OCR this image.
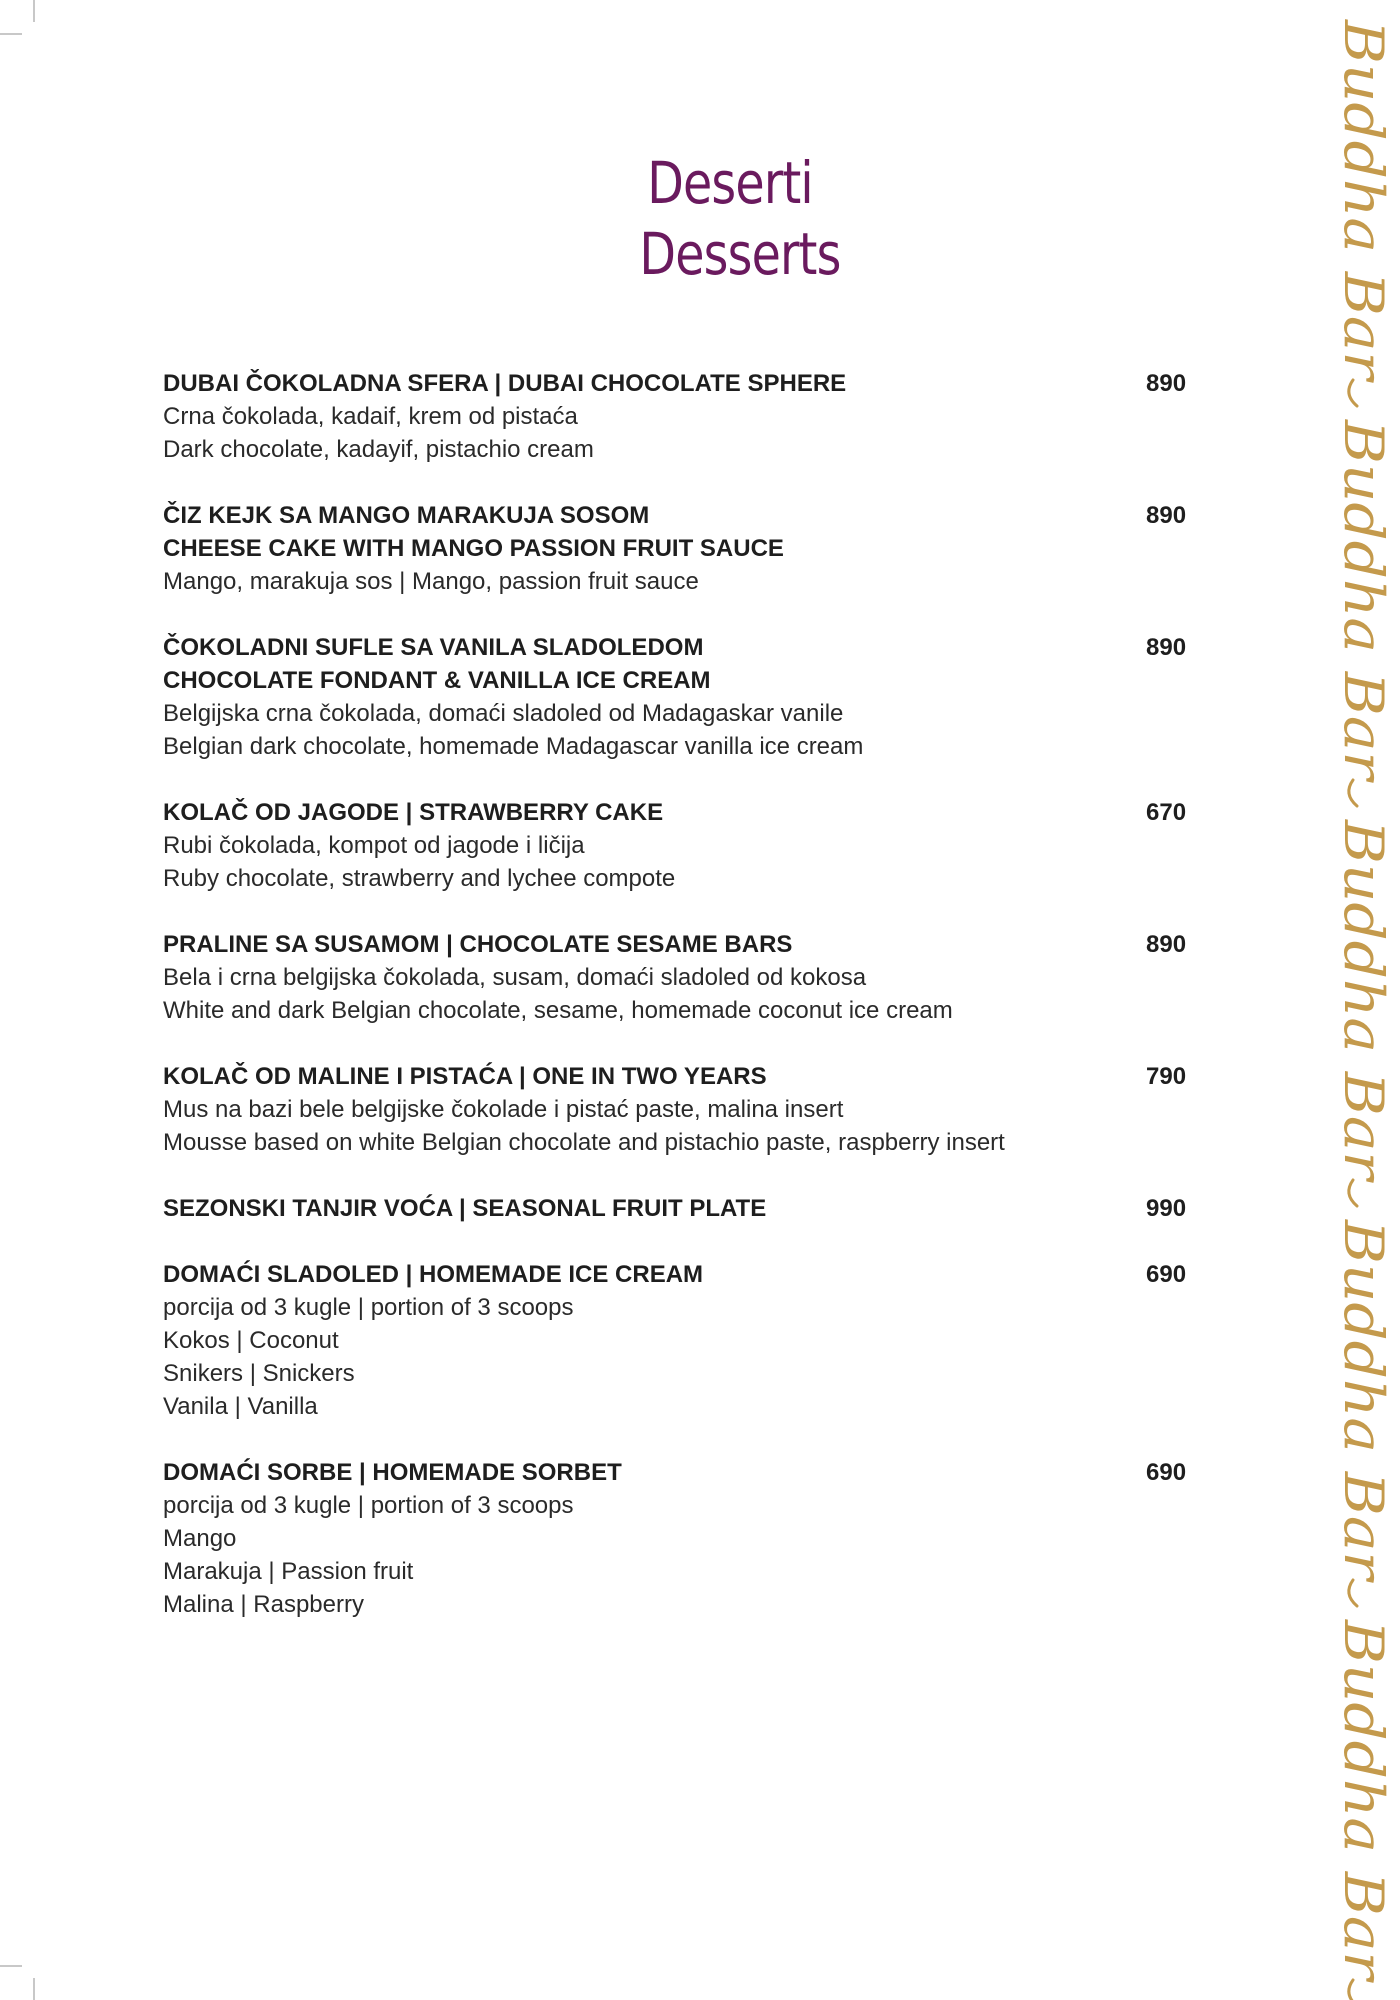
Deserti
Desserts
DUBAI ČOKOLADNA SFERA | DUBAI CHOCOLATE SPHERE
Crna čokolada, kadaif, krem od pistaća
Dark chocolate, kadayif, pistachio cream
890
ČIZ KEJK SA MANGO MARAKUJA SOSOM
CHEESE CAKE WITH MANGO PASSION FRUIT SAUCE
Mango, marakuja sos | Mango, passion fruit sauce
890
ČOKOLADNI SUFLE SA VANILA SLADOLEDOM
CHOCOLATE FONDANT & VANILLA ICE CREAM
Belgijska crna čokolada, domaći sladoled od Madagaskar vanile
Belgian dark chocolate, homemade Madagascar vanilla ice cream
890
KOLAČ OD JAGODE | STRAWBERRY CAKE
Rubi čokolada, kompot od jagode i ličija
Ruby chocolate, strawberry and lychee compote
670
PRALINE SA SUSAMOM | CHOCOLATE SESAME BARS
Bela i crna belgijska čokolada, susam, domaći sladoled od kokosa
White and dark Belgian chocolate, sesame, homemade coconut ice cream
890
KOLAČ OD MALINE I PISTAĆA | ONE IN TWO YEARS
Mus na bazi bele belgijske čokolade i pistać paste, malina insert
Mousse based on white Belgian chocolate and pistachio paste, raspberry insert
790
SEZONSKI TANJIR VOĆA | SEASONAL FRUIT PLATE	990
DOMAĆI SLADOLED | HOMEMADE ICE CREAM
porcija od 3 kugle | portion of 3 scoops
Kokos | Coconut
Snikers | Snickers
Vanila | Vanilla
690
DOMAĆI SORBE | HOMEMADE SORBET
porcija od 3 kugle | portion of 3 scoops
Mango
Marakuja | Passion fruit
Malina | Raspberry
690
Buddha Bar
Buddha Bar
Buddha Bar
Buddha Bar
Buddha Bar
